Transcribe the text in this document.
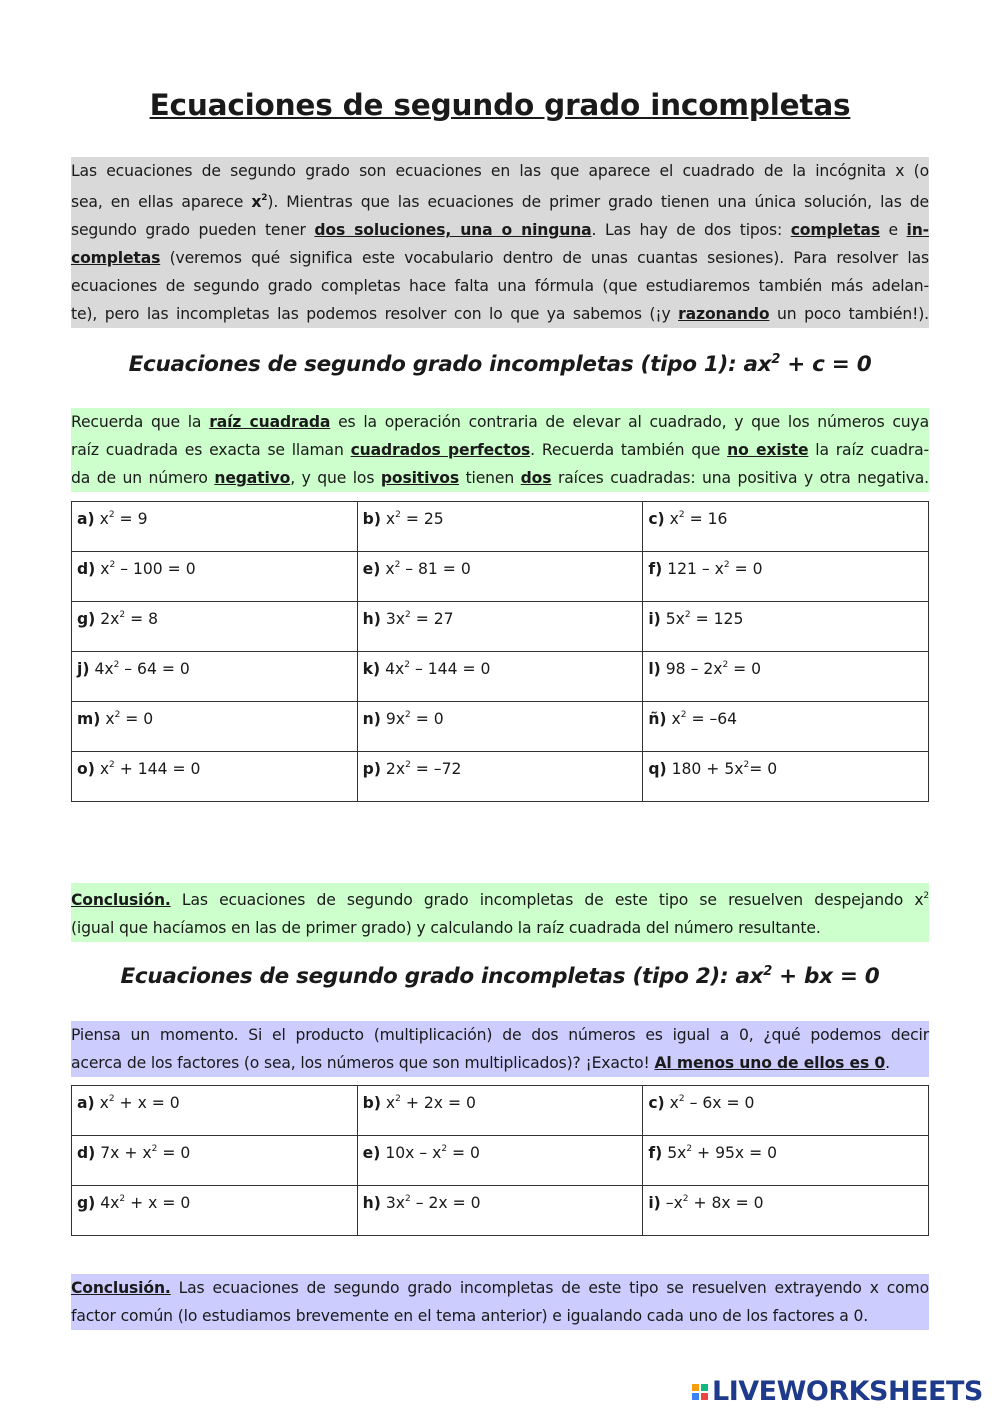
Ecuaciones de segundo grado incompletas
Las ecuaciones de segundo grado son ecuaciones en las que aparece el cuadrado de la incógnita x (o
sea, en ellas aparece $x^2$). Mientras que las ecuaciones de primer grado tienen una única solución, las de
segundo grado pueden tener dos soluciones, una o ninguna. Las hay de dos tipos: completas e in-
completas (veremos qué significa este vocabulario dentro de unas cuantas sesiones). Para resolver las
ecuaciones de segundo grado completas hace falta una fórmula (que estudiaremos también más adelan-
te), pero las incompletas las podemos resolver con lo que ya sabemos (¡y razonando un poco también!).
Ecuaciones de segundo grado incompletas (tipo 1): $ax^2 + c = 0$
Recuerda que la raíz cuadrada es la operación contraria de elevar al cuadrado, y que los números cuya
raíz cuadrada es exacta se llaman cuadrados perfectos. Recuerda también que no existe la raíz cuadra-
da de un número negativo, y que los positivos tienen dos raíces cuadradas: una positiva y otra negativa.
a) $x^2 = 9$	b) $x^2 = 25$	c) $x^2 = 16$
d) $x^2 - 100 = 0$	e) $x^2 - 81 = 0$	f) $121 - x^2 = 0$
g) $2x^2 = 8$	h) $3x^2 = 27$	i) $5x^2 = 125$
j) $4x^2 - 64 = 0$	k) $4x^2 - 144 = 0$	l) $98 - 2x^2 = 0$
m) $x^2 = 0$	n) $9x^2 = 0$	ñ) $x^2 = -64$
o) $x^2 + 144 = 0$	p) $2x^2 = -72$	q) $180 + 5x^2= 0$
Conclusión. Las ecuaciones de segundo grado incompletas de este tipo se resuelven despejando $x^2$
(igual que hacíamos en las de primer grado) y calculando la raíz cuadrada del número resultante.
Ecuaciones de segundo grado incompletas (tipo 2): $ax^2$ + bx = 0
Piensa un momento. Si el producto (multiplicación) de dos números es igual a 0, ¿qué podemos decir
acerca de los factores (o sea, los números que son multiplicados)? ¡Exacto! Al menos uno de ellos es 0.
a) $x^2 + x = 0$	b) $x^2 + 2x = 0$	c) $x^2 - 6x = 0$
d) $7x + x^2 = 0$	e) $10x - x^2 = 0$	f) $5x^2 + 95x = 0$
g) $4x^2 + x = 0$	h) $3x^2 - 2x = 0$	i) $-x^2 + 8x = 0$
Conclusión. Las ecuaciones de segundo grado incompletas de este tipo se resuelven extrayendo x como
factor común (lo estudiamos brevemente en el tema anterior) e igualando cada uno de los factores a 0.
LIVEWORKSHEETS
